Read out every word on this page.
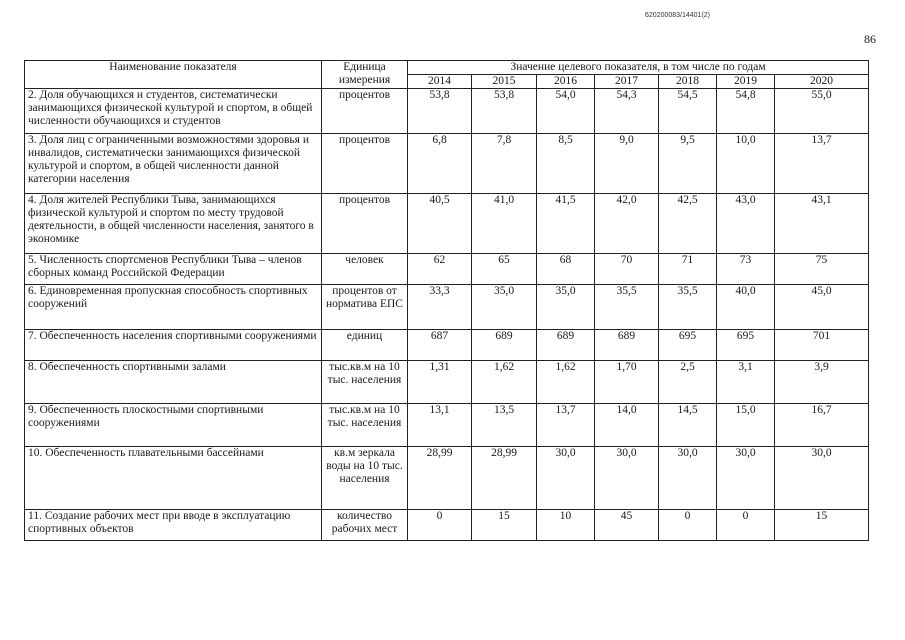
620200083/14401(2)
86
Наименование показателя	Единица измерения	Значение целевого показателя, в том числе по годам						
		2014	2015	2016	2017	2018	2019	2020
2. Доля обучающихся и студентов, систематически занимающихся физической культурой и спортом, в общей численности обучающихся и студентов	процентов	53,8	53,8	54,0	54,3	54,5	54,8	55,0
3. Доля лиц с ограниченными возможностями здоровья и инвалидов, систематически занимающихся физической культурой и спортом, в общей численности данной категории населения	процентов	6,8	7,8	8,5	9,0	9,5	10,0	13,7
4. Доля жителей Республики Тыва, занимающихся физической культурой и спортом по месту трудовой деятельности, в общей численности населения, занятого в экономике	процентов	40,5	41,0	41,5	42,0	42,5	43,0	43,1
5. Численность спортсменов Республики Тыва – членов сборных команд Российской Федерации	человек	62	65	68	70	71	73	75
6. Единовременная пропускная способность спортивных сооружений	процентов от норматива ЕПС	33,3	35,0	35,0	35,5	35,5	40,0	45,0
7. Обеспеченность населения спортивными сооружениями	единиц	687	689	689	689	695	695	701
8. Обеспеченность спортивными залами	тыс.кв.м на 10 тыс. населения	1,31	1,62	1,62	1,70	2,5	3,1	3,9
9. Обеспеченность плоскостными спортивными сооружениями	тыс.кв.м на 10 тыс. населения	13,1	13,5	13,7	14,0	14,5	15,0	16,7
10. Обеспеченность плавательными бассейнами	кв.м зеркала воды на 10 тыс. населения	28,99	28,99	30,0	30,0	30,0	30,0	30,0
11. Создание рабочих мест при вводе в эксплуатацию спортивных объектов	количество рабочих мест	0	15	10	45	0	0	15
